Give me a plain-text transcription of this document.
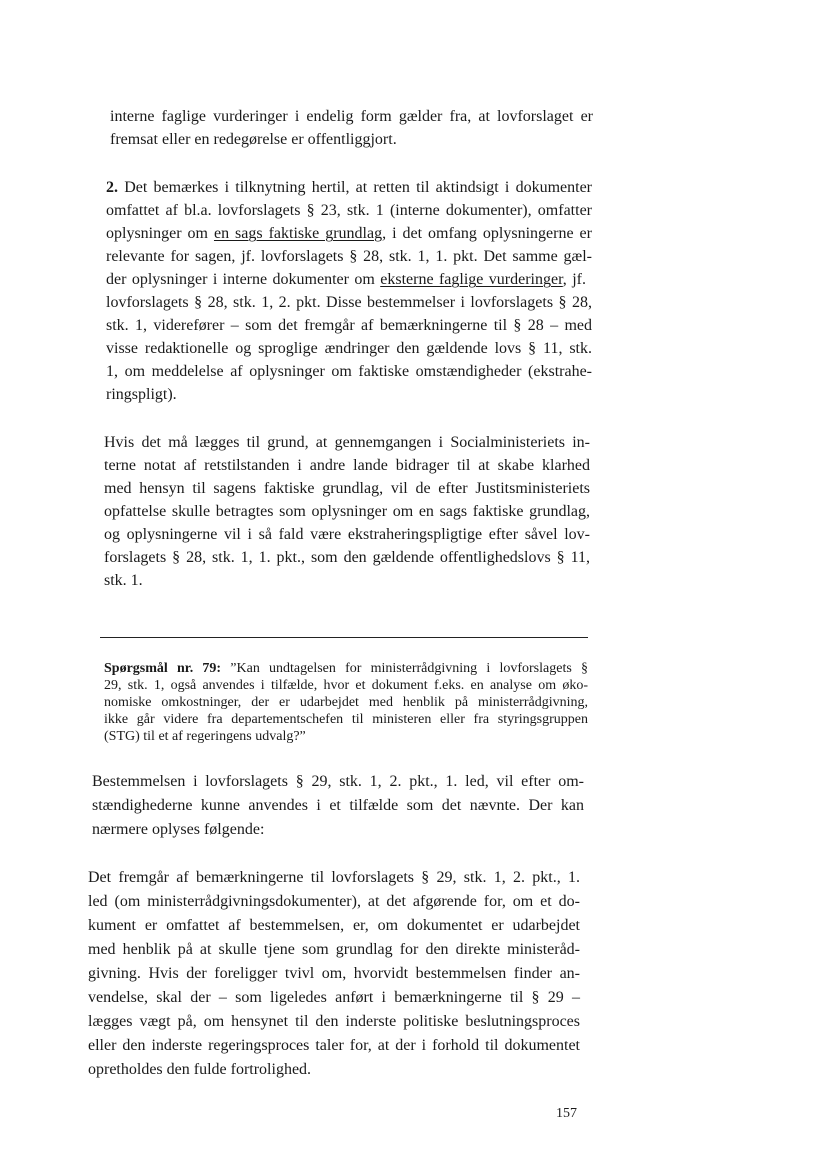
interne faglige vurderinger i endelig form gælder fra, at lovforslaget er
fremsat eller en redegørelse er offentliggjort.
2. Det bemærkes i tilknytning hertil, at retten til aktindsigt i dokumenter
omfattet af bl.a. lovforslagets § 23, stk. 1 (interne dokumenter), omfatter
oplysninger om en sags faktiske grundlag, i det omfang oplysningerne er
relevante for sagen, jf. lovforslagets § 28, stk. 1, 1. pkt. Det samme gæl-
der oplysninger i interne dokumenter om eksterne faglige vurderinger, jf.
lovforslagets § 28, stk. 1, 2. pkt. Disse bestemmelser i lovforslagets § 28,
stk. 1, viderefører – som det fremgår af bemærkningerne til § 28 – med
visse redaktionelle og sproglige ændringer den gældende lovs § 11, stk.
1, om meddelelse af oplysninger om faktiske omstændigheder (ekstrahe-
ringspligt).
Hvis det må lægges til grund, at gennemgangen i Socialministeriets in-
terne notat af retstilstanden i andre lande bidrager til at skabe klarhed
med hensyn til sagens faktiske grundlag, vil de efter Justitsministeriets
opfattelse skulle betragtes som oplysninger om en sags faktiske grundlag,
og oplysningerne vil i så fald være ekstraheringspligtige efter såvel lov-
forslagets § 28, stk. 1, 1. pkt., som den gældende offentlighedslovs § 11,
stk. 1.
Spørgsmål nr. 79: ”Kan undtagelsen for ministerrådgivning i lovforslagets §
29, stk. 1, også anvendes i tilfælde, hvor et dokument f.eks. en analyse om øko-
nomiske omkostninger, der er udarbejdet med henblik på ministerrådgivning,
ikke går videre fra departementschefen til ministeren eller fra styringsgruppen
(STG) til et af regeringens udvalg?”
Bestemmelsen i lovforslagets § 29, stk. 1, 2. pkt., 1. led, vil efter om-
stændighederne kunne anvendes i et tilfælde som det nævnte. Der kan
nærmere oplyses følgende:
Det fremgår af bemærkningerne til lovforslagets § 29, stk. 1, 2. pkt., 1.
led (om ministerrådgivningsdokumenter), at det afgørende for, om et do-
kument er omfattet af bestemmelsen, er, om dokumentet er udarbejdet
med henblik på at skulle tjene som grundlag for den direkte ministeråd-
givning. Hvis der foreligger tvivl om, hvorvidt bestemmelsen finder an-
vendelse, skal der – som ligeledes anført i bemærkningerne til § 29 –
lægges vægt på, om hensynet til den inderste politiske beslutningsproces
eller den inderste regeringsproces taler for, at der i forhold til dokumentet
opretholdes den fulde fortrolighed.
157
